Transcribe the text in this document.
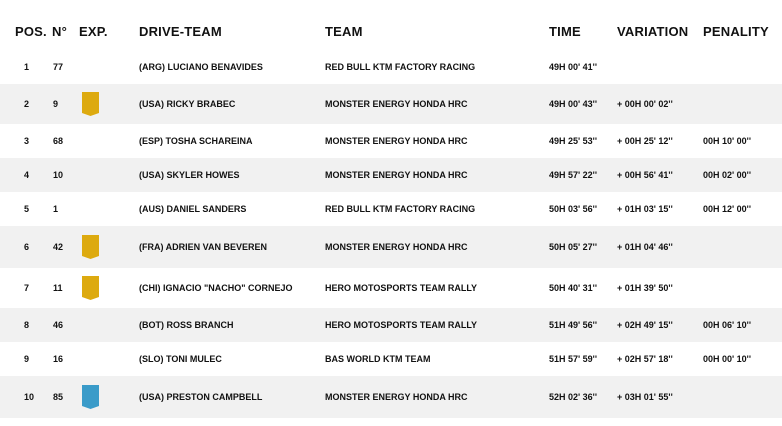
POS. N° EXP. DRIVE-TEAM	TEAM	TIME	VARIATION PENALITY
1	77	(ARG) LUCIANO BENAVIDES	RED BULL KTM FACTORY RACING	49H 00' 41''
2	9	(USA) RICKY BRABEC	MONSTER ENERGY HONDA HRC	49H 00' 43'' + 00H 00' 02''
3	68	(ESP) TOSHA SCHAREINA	MONSTER ENERGY HONDA HRC	49H 25' 53'' + 00H 25' 12''	00H 10' 00''
4	10	(USA) SKYLER HOWES	MONSTER ENERGY HONDA HRC	49H 57' 22'' + 00H 56' 41''	00H 02' 00''
5	1	(AUS) DANIEL SANDERS	RED BULL KTM FACTORY RACING	50H 03' 56'' + 01H 03' 15''	00H 12' 00''
6	42	(FRA) ADRIEN VAN BEVEREN	MONSTER ENERGY HONDA HRC	50H 05' 27'' + 01H 04' 46''
7	11	(CHI) IGNACIO "NACHO" CORNEJO	HERO MOTOSPORTS TEAM RALLY	50H 40' 31'' + 01H 39' 50''
8	46	(BOT) ROSS BRANCH	HERO MOTOSPORTS TEAM RALLY	51H 49' 56'' + 02H 49' 15''	00H 06' 10''
9	16	(SLO) TONI MULEC	BAS WORLD KTM TEAM	51H 57' 59'' + 02H 57' 18''	00H 00' 10''
10 85	(USA) PRESTON CAMPBELL	MONSTER ENERGY HONDA HRC	52H 02' 36'' + 03H 01' 55''
